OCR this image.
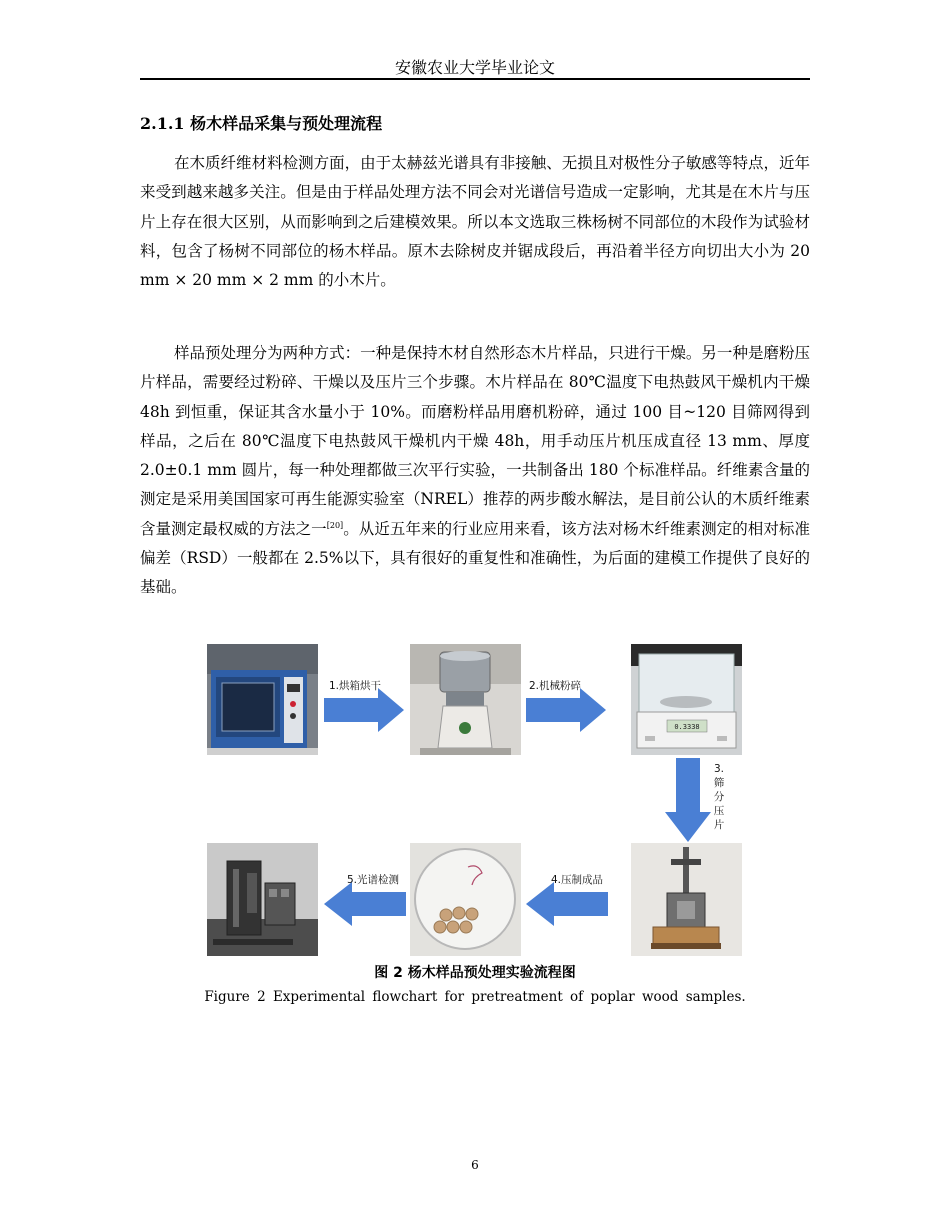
安徽农业大学毕业论文
2.1.1 杨木样品采集与预处理流程

在木质纤维材料检测方面，由于太赫兹光谱具有非接触、无损且对极性分子敏感等特点，近年来受到越来越多关注。但是由于样品处理方法不同会对光谱信号造成一定影响，尤其是在木片与压片上存在很大区别，从而影响到之后建模效果。所以本文选取三株杨树不同部位的木段作为试验材料，包含了杨树不同部位的杨木样品。原木去除树皮并锯成段后，再沿着半径方向切出大小为 20 mm × 20 mm × 2 mm 的小木片。

样品预处理分为两种方式：一种是保持木材自然形态木片样品，只进行干燥。另一种是磨粉压片样品，需要经过粉碎、干燥以及压片三个步骤。木片样品在 80℃温度下电热鼓风干燥机内干燥 48h 到恒重，保证其含水量小于 10%。而磨粉样品用磨机粉碎，通过 100 目~120 目筛网得到样品，之后在 80℃温度下电热鼓风干燥机内干燥 48h，用手动压片机压成直径 13 mm、厚度 2.0±0.1 mm 圆片，每一种处理都做三次平行实验，一共制备出 180 个标准样品。纤维素含量的测定是采用美国国家可再生能源实验室（NREL）推荐的两步酸水解法，是目前公认的木质纤维素含量测定最权威的方法之一[20]。从近五年来的行业应用来看，该方法对杨木纤维素测定的相对标准偏差（RSD）一般都在 2.5%以下，具有很好的重复性和准确性，为后面的建模工作提供了良好的基础。

0.3338
1.烘箱烘干	2.机械粉碎
3.筛分压片
4.压制成品
5.光谱检测
图 2 杨木样品预处理实验流程图
Figure 2 Experimental flowchart for pretreatment of poplar wood samples.
6
